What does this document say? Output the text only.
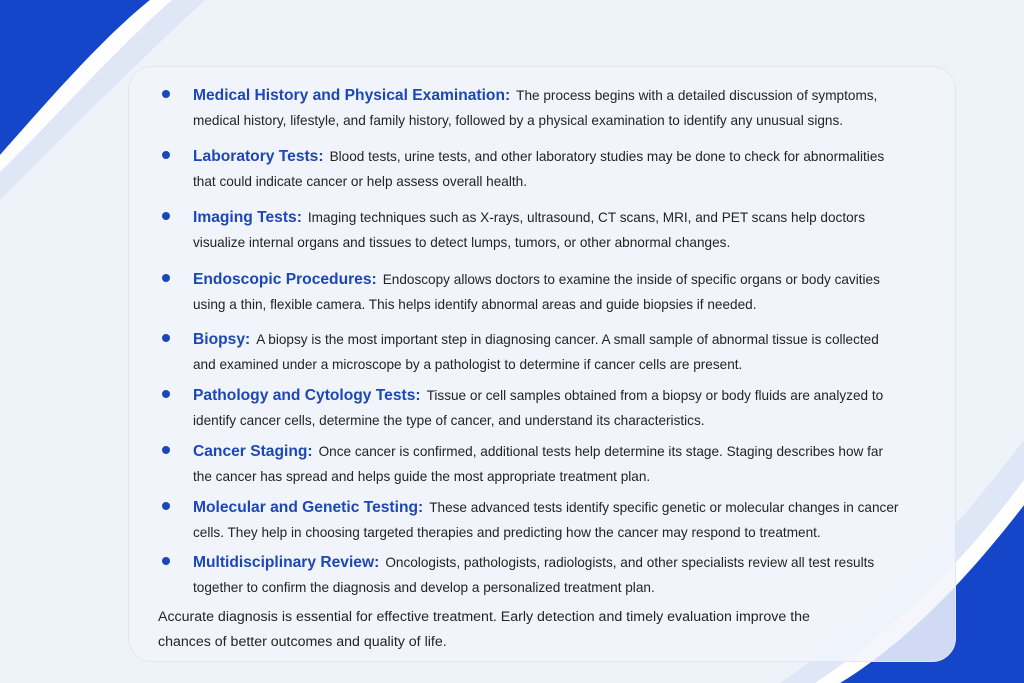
Medical History and Physical Examination: The process begins with a detailed discussion of symptoms, medical history, lifestyle, and family history, followed by a physical examination to identify any unusual signs.
Laboratory Tests: Blood tests, urine tests, and other laboratory studies may be done to check for abnormalities that could indicate cancer or help assess overall health.
Imaging Tests: Imaging techniques such as X-rays, ultrasound, CT scans, MRI, and PET scans help doctors visualize internal organs and tissues to detect lumps, tumors, or other abnormal changes.
Endoscopic Procedures: Endoscopy allows doctors to examine the inside of specific organs or body cavities using a thin, flexible camera. This helps identify abnormal areas and guide biopsies if needed.
Biopsy: A biopsy is the most important step in diagnosing cancer. A small sample of abnormal tissue is collected and examined under a microscope by a pathologist to determine if cancer cells are present.
Pathology and Cytology Tests: Tissue or cell samples obtained from a biopsy or body fluids are analyzed to identify cancer cells, determine the type of cancer, and understand its characteristics.
Cancer Staging: Once cancer is confirmed, additional tests help determine its stage. Staging describes how far the cancer has spread and helps guide the most appropriate treatment plan.
Molecular and Genetic Testing: These advanced tests identify specific genetic or molecular changes in cancer cells. They help in choosing targeted therapies and predicting how the cancer may respond to treatment.
Multidisciplinary Review: Oncologists, pathologists, radiologists, and other specialists review all test results together to confirm the diagnosis and develop a personalized treatment plan.
Accurate diagnosis is essential for effective treatment. Early detection and timely evaluation improve the chances of better outcomes and quality of life.
